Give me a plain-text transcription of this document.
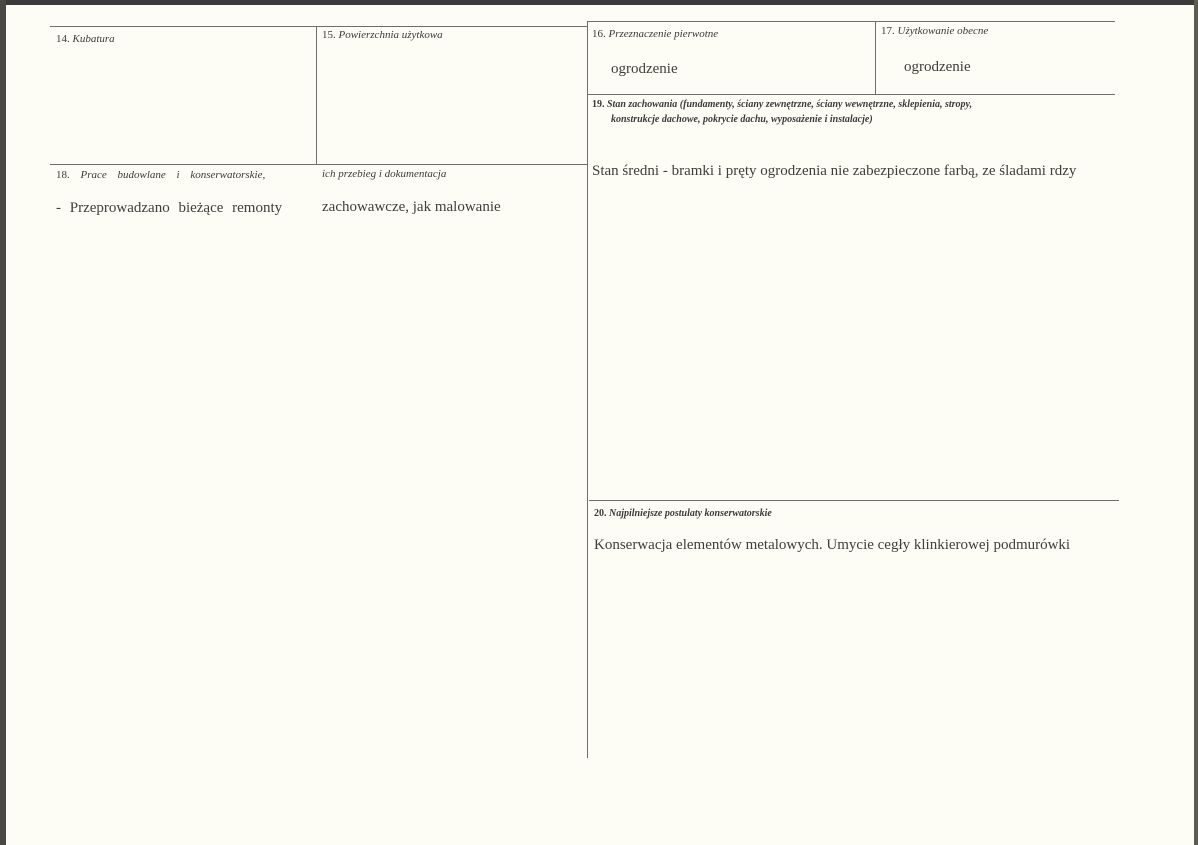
14. Kubatura	15. Powierzchnia użytkowa	16. Przeznaczenie pierwotne
ogrodzenie
17. Użytkowanie obecne
ogrodzenie
19. Stan zachowania (fundamenty, ściany zewnętrzne, ściany wewnętrzne, sklepienia, stropy,
konstrukcje dachowe, pokrycie dachu, wyposażenie i instalacje)
Stan średni - bramki i pręty ogrodzenia nie zabezpieczone farbą, ze śladami rdzy
18. Prace budowlane i konserwatorskie,	ich przebieg i dokumentacja
- Przeprowadzano bieżące remonty	zachowawcze, jak malowanie
20. Najpilniejsze postulaty konserwatorskie
Konserwacja elementów metalowych. Umycie cegły klinkierowej podmurówki
